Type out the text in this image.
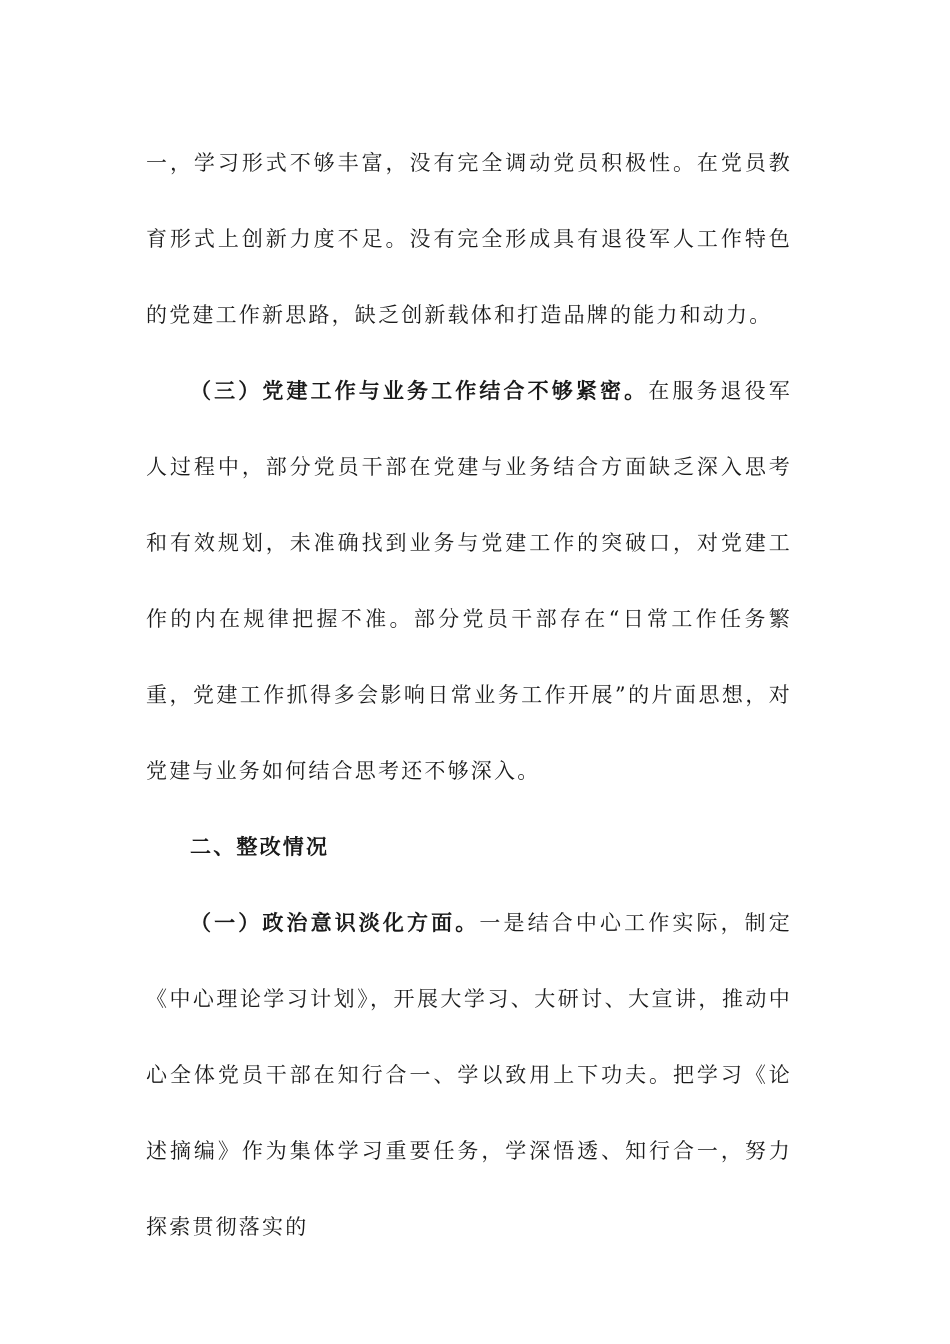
一，学习形式不够丰富，没有完全调动党员积极性。在党员教育形式上创新力度不足。没有完全形成具有退役军人工作特色的党建工作新思路，缺乏创新载体和打造品牌的能力和动力。

（三）党建工作与业务工作结合不够紧密。在服务退役军人过程中，部分党员干部在党建与业务结合方面缺乏深入思考和有效规划，未准确找到业务与党建工作的突破口，对党建工作的内在规律把握不准。部分党员干部存在“日常工作任务繁重，党建工作抓得多会影响日常业务工作开展”的片面思想，对党建与业务如何结合思考还不够深入。

二、整改情况

（一）政治意识淡化方面。一是结合中心工作实际，制定《中心理论学习计划》，开展大学习、大研讨、大宣讲，推动中心全体党员干部在知行合一、学以致用上下功夫。把学习《论述摘编》作为集体学习重要任务，学深悟透、知行合一，努力探索贯彻落实的
